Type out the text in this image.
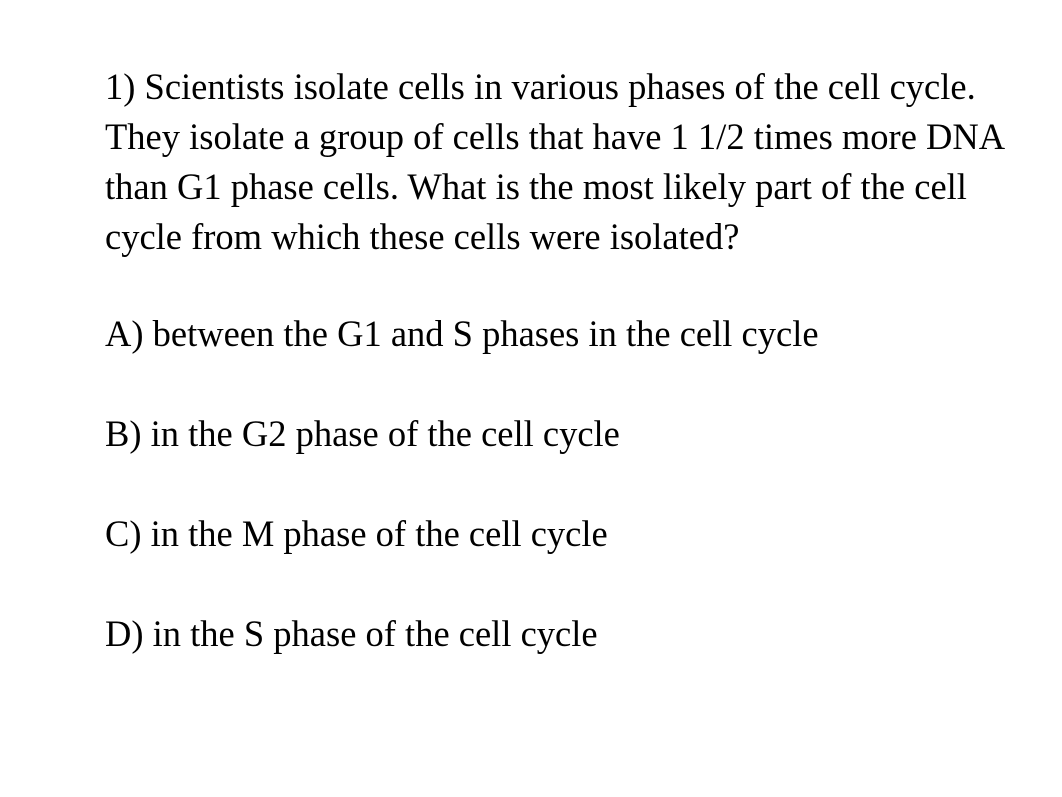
1) Scientists isolate cells in various phases of the cell cycle. They isolate a group of cells that have 1 1/2 times more DNA than G1 phase cells. What is the most likely part of the cell cycle from which these cells were isolated?

A) between the G1 and S phases in the cell cycle
B) in the G2 phase of the cell cycle
C) in the M phase of the cell cycle
D) in the S phase of the cell cycle
